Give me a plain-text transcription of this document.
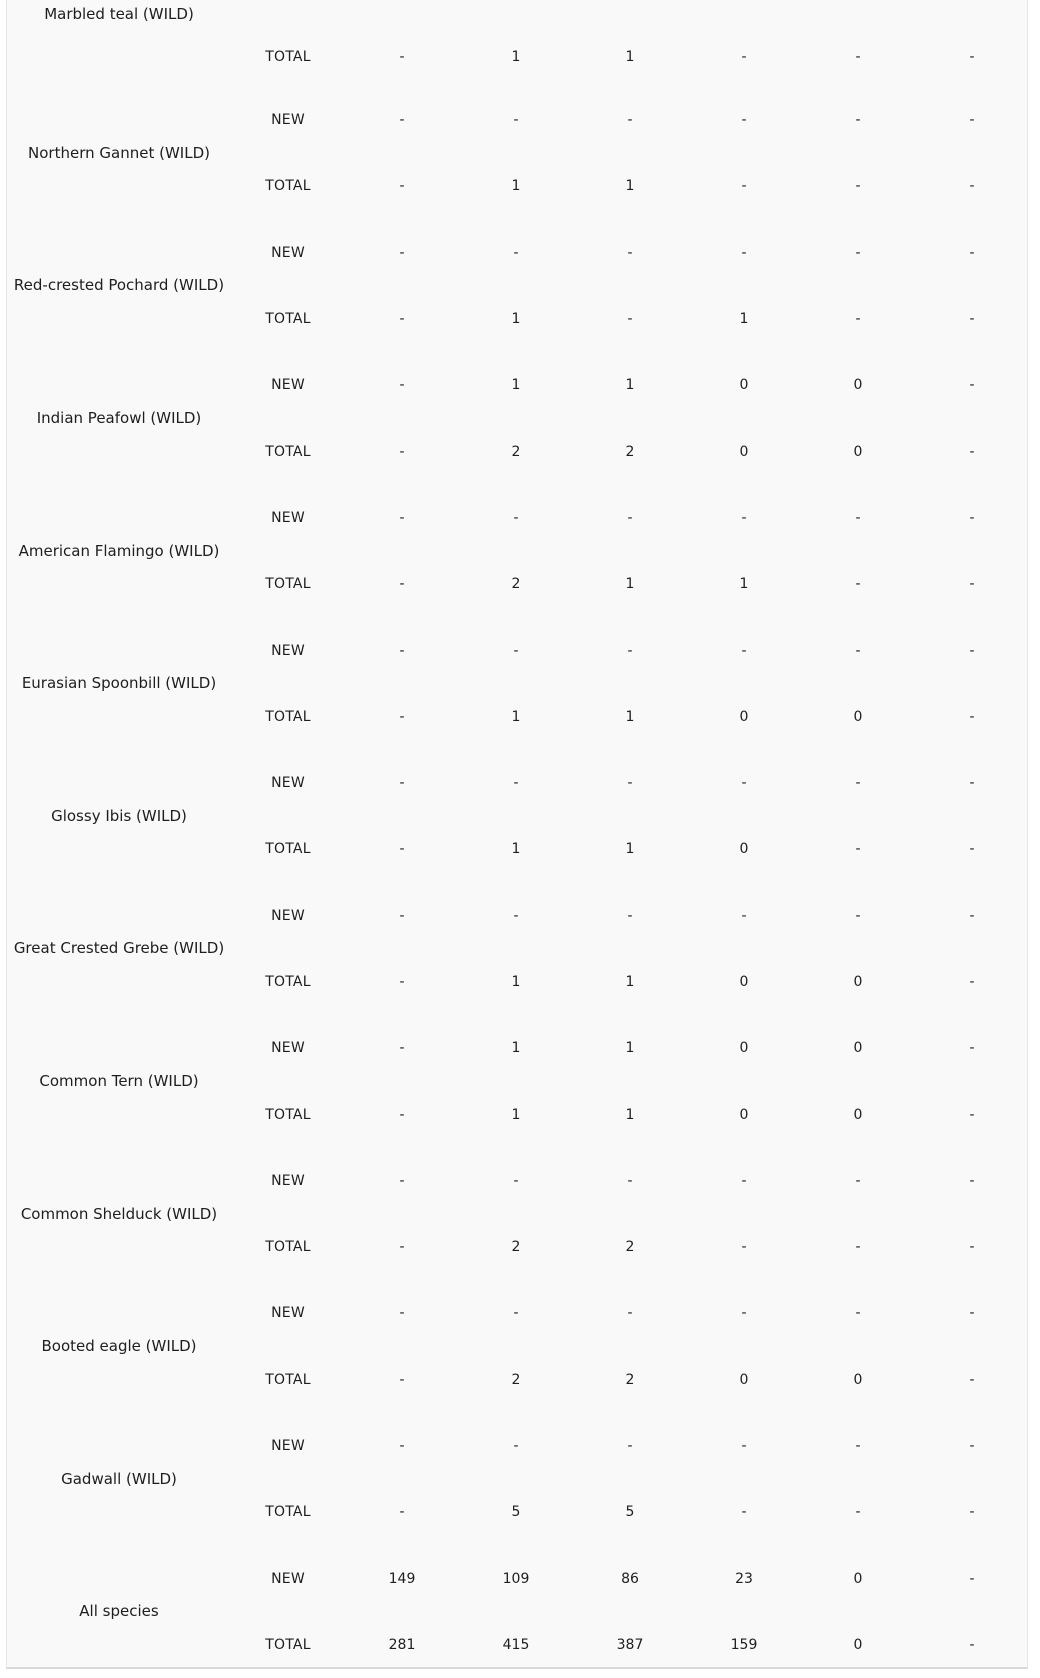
Marbled teal (WILD)							
	TOTAL	-	1	1	-	-	-
Northern Gannet (WILD)	NEW	-	-	-	-	-	-
	TOTAL	-	1	1	-	-	-
Red-crested Pochard (WILD)	NEW	-	-	-	-	-	-
	TOTAL	-	1	-	1	-	-
Indian Peafowl (WILD)	NEW	-	1	1	0	0	-
	TOTAL	-	2	2	0	0	-
American Flamingo (WILD)	NEW	-	-	-	-	-	-
	TOTAL	-	2	1	1	-	-
Eurasian Spoonbill (WILD)	NEW	-	-	-	-	-	-
	TOTAL	-	1	1	0	0	-
Glossy Ibis (WILD)	NEW	-	-	-	-	-	-
	TOTAL	-	1	1	0	-	-
Great Crested Grebe (WILD)	NEW	-	-	-	-	-	-
	TOTAL	-	1	1	0	0	-
Common Tern (WILD)	NEW	-	1	1	0	0	-
	TOTAL	-	1	1	0	0	-
Common Shelduck (WILD)	NEW	-	-	-	-	-	-
	TOTAL	-	2	2	-	-	-
Booted eagle (WILD)	NEW	-	-	-	-	-	-
	TOTAL	-	2	2	0	0	-
Gadwall (WILD)	NEW	-	-	-	-	-	-
	TOTAL	-	5	5	-	-	-
All species	NEW	149	109	86	23	0	-
	TOTAL	281	415	387	159	0	-
